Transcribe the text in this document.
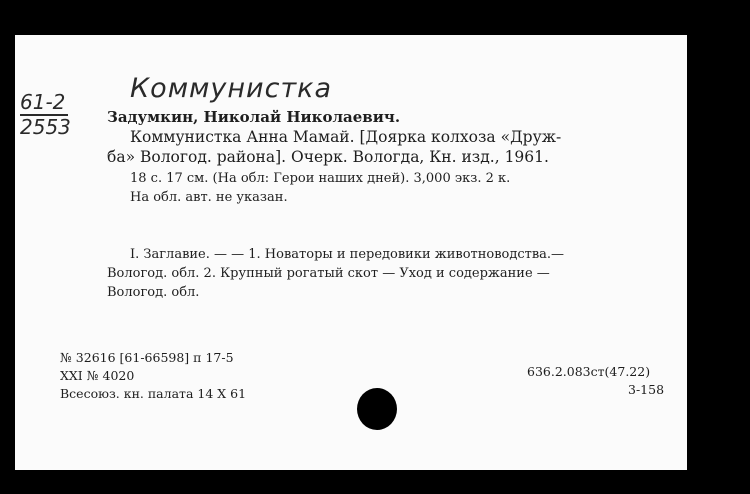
Коммунистка
61-2
2553 Задумкин, Николай Николаевич.
Коммунистка Анна Мамай. [Доярка колхоза «Друж-
ба» Вологод. района]. Очерк. Вологда, Кн. изд., 1961.
18 с. 17 см. (На обл: Герои наших дней). 3,000 экз. 2 к.
На обл. авт. не указан.
I. Заглавие. — — 1. Новаторы и передовики животноводства.—
Вологод. обл. 2. Крупный рогатый скот — Уход и содержание —
Вологод. обл.
№ 32616 [61-66598] п 17-5
XXI № 4020
Всесоюз. кн. палата 14 X 61
636.2.083ст(47.22)
3-158
